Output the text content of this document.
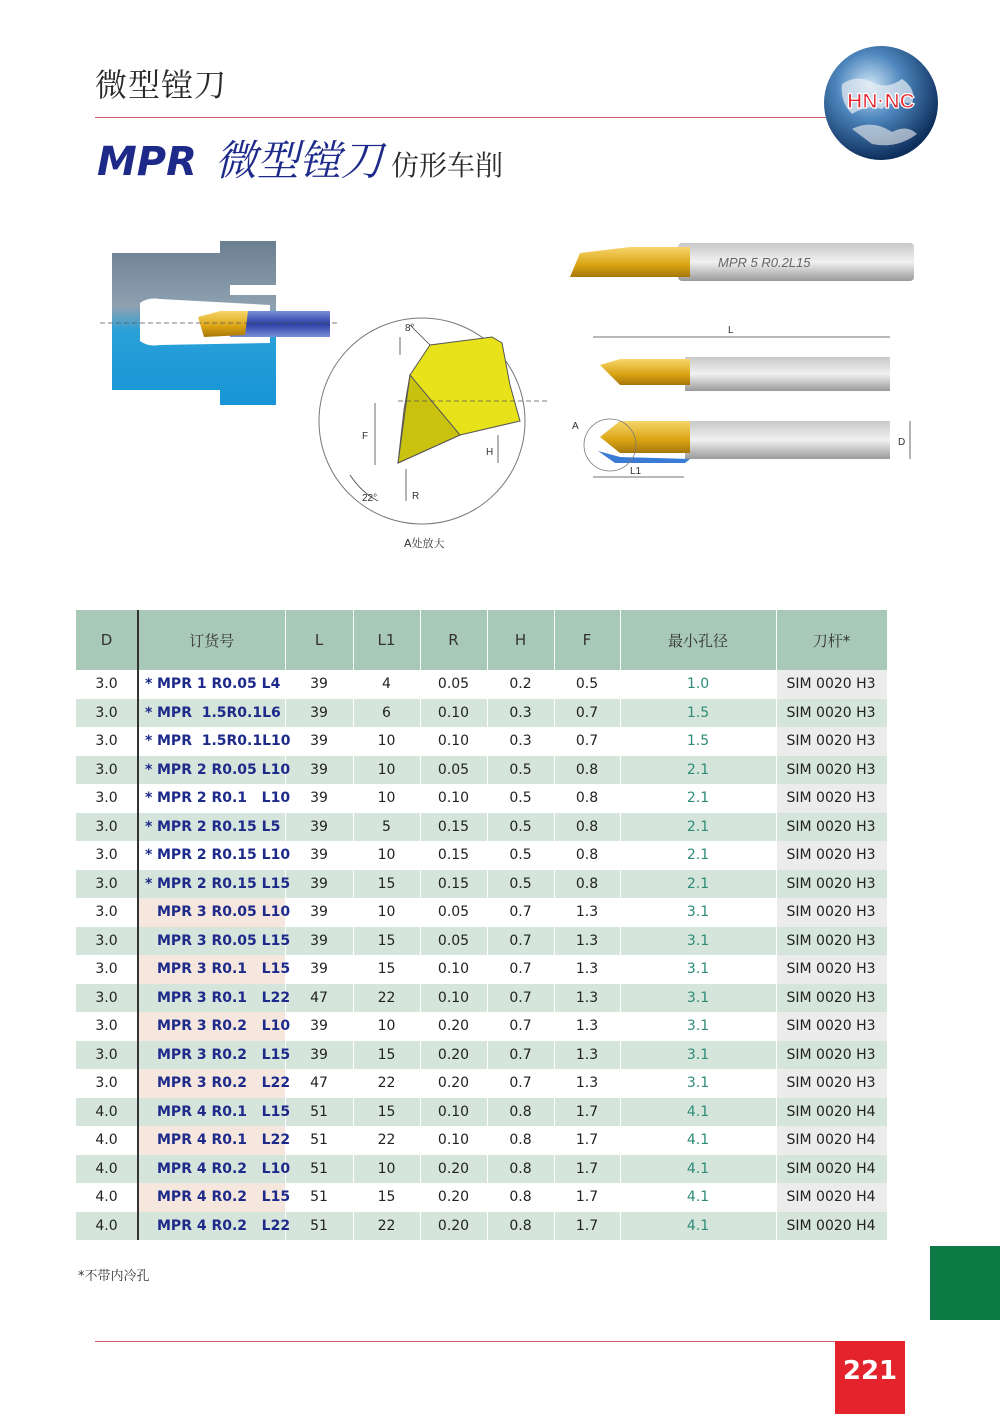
微型镗刀
MPR 微型镗刀 仿形车削
HN·NC
8°
F
H
22°	R
A处放大
MPR 5 R0.2L15
L
A
L1
D
D	订货号	L	L1	R	H	F	最小孔径	刀杆*
3.0	* MPR 1 R0.05 L4	39	4	0.05	0.2	0.5	1.0	SIM 0020 H3
3.0	* MPR  1.5R0.1L6	39	6	0.10	0.3	0.7	1.5	SIM 0020 H3
3.0	* MPR  1.5R0.1L10	39	10	0.10	0.3	0.7	1.5	SIM 0020 H3
3.0	* MPR 2 R0.05 L10	39	10	0.05	0.5	0.8	2.1	SIM 0020 H3
3.0	* MPR 2 R0.1   L10	39	10	0.10	0.5	0.8	2.1	SIM 0020 H3
3.0	* MPR 2 R0.15 L5	39	5	0.15	0.5	0.8	2.1	SIM 0020 H3
3.0	* MPR 2 R0.15 L10	39	10	0.15	0.5	0.8	2.1	SIM 0020 H3
3.0	* MPR 2 R0.15 L15	39	15	0.15	0.5	0.8	2.1	SIM 0020 H3
3.0	MPR 3 R0.05 L10	39	10	0.05	0.7	1.3	3.1	SIM 0020 H3
3.0	MPR 3 R0.05 L15	39	15	0.05	0.7	1.3	3.1	SIM 0020 H3
3.0	MPR 3 R0.1   L15	39	15	0.10	0.7	1.3	3.1	SIM 0020 H3
3.0	MPR 3 R0.1   L22	47	22	0.10	0.7	1.3	3.1	SIM 0020 H3
3.0	MPR 3 R0.2   L10	39	10	0.20	0.7	1.3	3.1	SIM 0020 H3
3.0	MPR 3 R0.2   L15	39	15	0.20	0.7	1.3	3.1	SIM 0020 H3
3.0	MPR 3 R0.2   L22	47	22	0.20	0.7	1.3	3.1	SIM 0020 H3
4.0	MPR 4 R0.1   L15	51	15	0.10	0.8	1.7	4.1	SIM 0020 H4
4.0	MPR 4 R0.1   L22	51	22	0.10	0.8	1.7	4.1	SIM 0020 H4
4.0	MPR 4 R0.2   L10	51	10	0.20	0.8	1.7	4.1	SIM 0020 H4
4.0	MPR 4 R0.2   L15	51	15	0.20	0.8	1.7	4.1	SIM 0020 H4
4.0	MPR 4 R0.2   L22	51	22	0.20	0.8	1.7	4.1	SIM 0020 H4
*不带内冷孔
221
